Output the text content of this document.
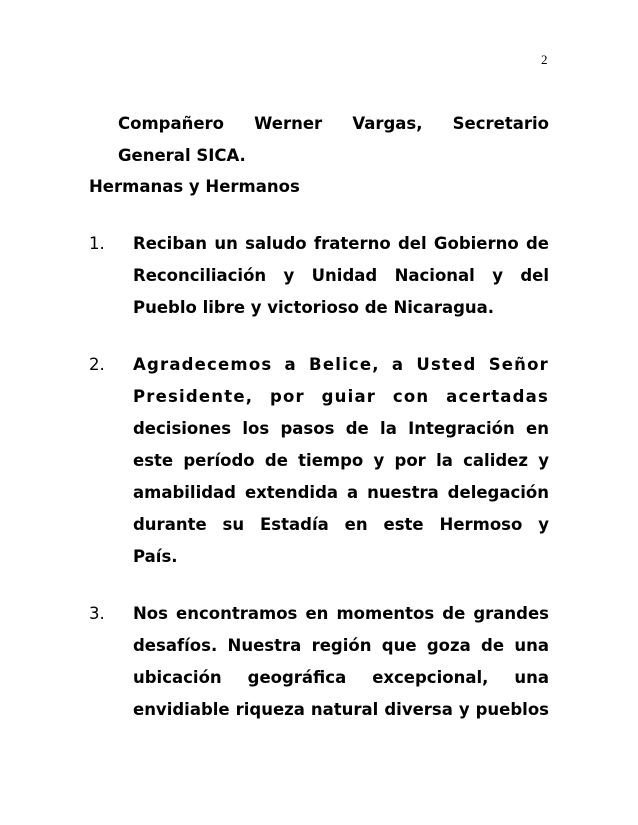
2
Compañero Werner Vargas, Secretario
General SICA.
Hermanas y Hermanos
1. Reciban un saludo fraterno del Gobierno de
Reconciliación y Unidad Nacional y del
Pueblo libre y victorioso de Nicaragua.
2. Agradecemos a Belice, a Usted Señor
Presidente, por guiar con acertadas
decisiones los pasos de la Integración en
este período de tiempo y por la calidez y
amabilidad extendida a nuestra delegación
durante su Estadía en este Hermoso y
País.
3. Nos encontramos en momentos de grandes
desafíos. Nuestra región que goza de una
ubicación geográfica excepcional, una
envidiable riqueza natural diversa y pueblos
